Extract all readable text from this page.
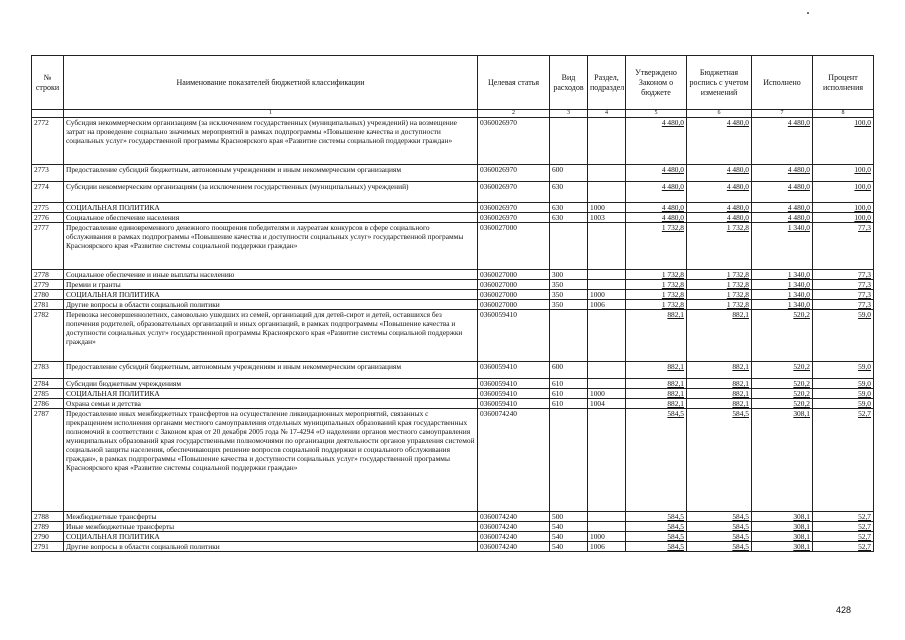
№ строки	Наименование показателей бюджетной классификации	Целевая статья	Вид расходов	Раздел, подраздел	Утверждено Законом о бюджете	Бюджетная роспись с учетом изменений	Исполнено	Процент исполнения
	1	2	3	4	5	6	7	8
2772	Субсидия некоммерческим организациям (за исключением государственных (муниципальных) учреждений) на возмещение затрат на проведение социально значимых мероприятий в рамках подпрограммы «Повышение качества и доступности социальных услуг» государственной программы Красноярского края «Развитие системы социальной поддержки граждан»	0360026970			4 480,0	4 480,0	4 480,0	100,0
2773	Предоставление субсидий бюджетным, автономным учреждениям и иным некоммерческим организациям	0360026970	600		4 480,0	4 480,0	4 480,0	100,0
2774	Субсидии некоммерческим организациям (за исключением государственных (муниципальных) учреждений)	0360026970	630		4 480,0	4 480,0	4 480,0	100,0
2775	СОЦИАЛЬНАЯ ПОЛИТИКА	0360026970	630	1000	4 480,0	4 480,0	4 480,0	100,0
2776	Социальное обеспечение населения	0360026970	630	1003	4 480,0	4 480,0	4 480,0	100,0
2777	Предоставление единовременного денежного поощрения победителям и лауреатам конкурсов в сфере социального обслуживания в рамках подпрограммы «Повышение качества и доступности социальных услуг» государственной программы Красноярского края «Развитие системы социальной поддержки граждан»	0360027000			1 732,8	1 732,8	1 340,0	77,3
2778	Социальное обеспечение и иные выплаты населению	0360027000	300		1 732,8	1 732,8	1 340,0	77,3
2779	Премии и гранты	0360027000	350		1 732,8	1 732,8	1 340,0	77,3
2780	СОЦИАЛЬНАЯ ПОЛИТИКА	0360027000	350	1000	1 732,8	1 732,8	1 340,0	77,3
2781	Другие вопросы в области социальной политики	0360027000	350	1006	1 732,8	1 732,8	1 340,0	77,3
2782	Перевозка несовершеннолетних, самовольно ушедших из семей, организаций для детей-сирот и детей, оставшихся без попечения родителей, образовательных организаций и иных организаций, в рамках подпрограммы «Повышение качества и доступности социальных услуг» государственной программы Красноярского края «Развитие системы социальной поддержки граждан»	0360059410			882,1	882,1	520,2	59,0
2783	Предоставление субсидий бюджетным, автономным учреждениям и иным некоммерческим организациям	0360059410	600		882,1	882,1	520,2	59,0
2784	Субсидии бюджетным учреждениям	0360059410	610		882,1	882,1	520,2	59,0
2785	СОЦИАЛЬНАЯ ПОЛИТИКА	0360059410	610	1000	882,1	882,1	520,2	59,0
2786	Охрана семьи и детства	0360059410	610	1004	882,1	882,1	520,2	59,0
2787	Предоставление иных межбюджетных трансфертов на осуществление ликвидационных мероприятий, связанных с прекращением исполнения органами местного самоуправления отдельных муниципальных образований края государственных полномочий в соответствии с Законом края от 20 декабря 2005 года № 17-4294 «О наделении органов местного самоуправления муниципальных образований края государственными полномочиями по организации деятельности органов управления системой социальной защиты населения, обеспечивающих решение вопросов социальной поддержки и социального обслуживания граждан», в рамках подпрограммы «Повышение качества и доступности социальных услуг» государственной программы Красноярского края «Развитие системы социальной поддержки граждан»	0360074240			584,5	584,5	308,1	52,7
2788	Межбюджетные трансферты	0360074240	500		584,5	584,5	308,1	52,7
2789	Иные межбюджетные трансферты	0360074240	540		584,5	584,5	308,1	52,7
2790	СОЦИАЛЬНАЯ ПОЛИТИКА	0360074240	540	1000	584,5	584,5	308,1	52,7
2791	Другие вопросы в области социальной политики	0360074240	540	1006	584,5	584,5	308,1	52,7
428
